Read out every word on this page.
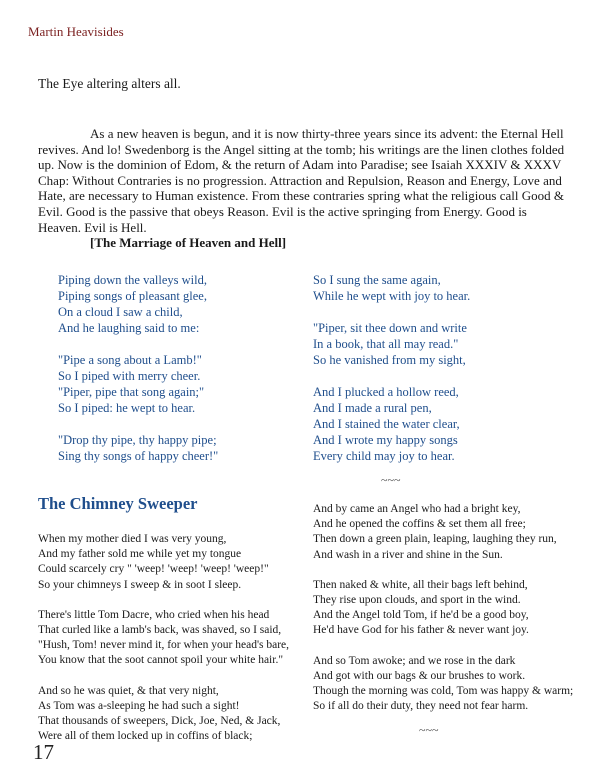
Martin Heavisides
The Eye altering alters all.

As a new heaven is begun, and it is now thirty-three years since its advent: the Eternal Hell revives. And lo! Swedenborg is the Angel sitting at the tomb; his writings are the linen clothes folded up. Now is the dominion of Edom, & the return of Adam into Paradise; see Isaiah XXXIV & XXXV Chap: Without Contraries is no progression. Attraction and Repulsion, Reason and Energy, Love and Hate, are necessary to Human existence. From these contraries spring what the religious call Good & Evil. Good is the passive that obeys Reason. Evil is the active springing from Energy. Good is Heaven. Evil is Hell.

[The Marriage of Heaven and Hell]

Piping down the valleys wild,
Piping songs of pleasant glee,
On a cloud I saw a child,
And he laughing said to me:
"Pipe a song about a Lamb!"
So I piped with merry cheer.
"Piper, pipe that song again;"
So I piped: he wept to hear.
"Drop thy pipe, thy happy pipe;
Sing thy songs of happy cheer!"
So I sung the same again,
While he wept with joy to hear.
"Piper, sit thee down and write
In a book, that all may read."
So he vanished from my sight,
And I plucked a hollow reed,
And I made a rural pen,
And I stained the water clear,
And I wrote my happy songs
Every child may joy to hear.
~~~
The Chimney Sweeper
When my mother died I was very young,
And my father sold me while yet my tongue
Could scarcely cry " 'weep! 'weep! 'weep! 'weep!"
So your chimneys I sweep & in soot I sleep.
There's little Tom Dacre, who cried when his head
That curled like a lamb's back, was shaved, so I said,
"Hush, Tom! never mind it, for when your head's bare,
You know that the soot cannot spoil your white hair."
And so he was quiet, & that very night,
As Tom was a-sleeping he had such a sight!
That thousands of sweepers, Dick, Joe, Ned, & Jack,
Were all of them locked up in coffins of black;
And by came an Angel who had a bright key,
And he opened the coffins & set them all free;
Then down a green plain, leaping, laughing they run,
And wash in a river and shine in the Sun.
Then naked & white, all their bags left behind,
They rise upon clouds, and sport in the wind.
And the Angel told Tom, if he'd be a good boy,
He'd have God for his father & never want joy.
And so Tom awoke; and we rose in the dark
And got with our bags & our brushes to work.
Though the morning was cold, Tom was happy & warm;
So if all do their duty, they need not fear harm.
~~~
17
